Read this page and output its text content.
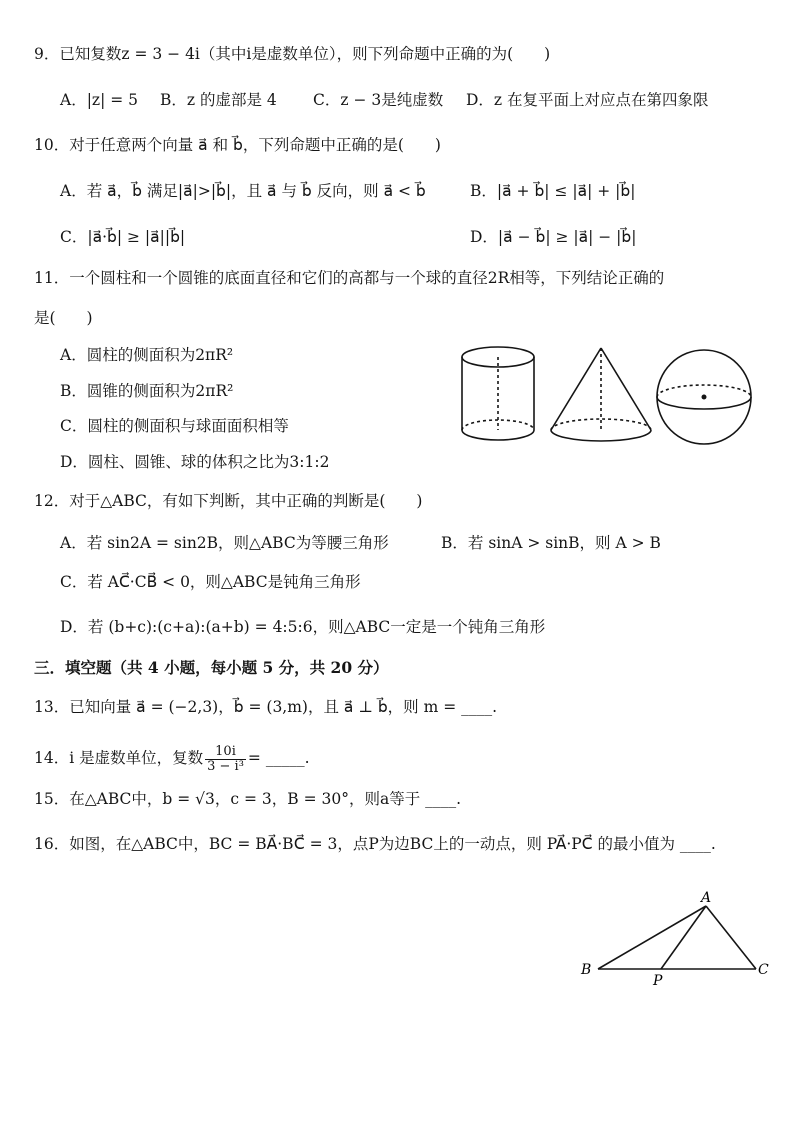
9．已知复数z = 3 − 4i（其中i是虚数单位），则下列命题中正确的为(　　)
A．|z| = 5 B．z 的虚部是 4 C．z − 3是纯虚数 D．z 在复平面上对应点在第四象限
10．对于任意两个向量 a⃗ 和 b⃗，下列命题中正确的是(　　)
A．若 a⃗，b⃗ 满足|a⃗|>|b⃗|，且 a⃗ 与 b⃗ 反向，则 a⃗ < b⃗	B．|a⃗ + b⃗| ≤ |a⃗| + |b⃗|
C．|a⃗·b⃗| ≥ |a⃗||b⃗|	D．|a⃗ − b⃗| ≥ |a⃗| − |b⃗|
11．一个圆柱和一个圆锥的底面直径和它们的高都与一个球的直径2R相等，下列结论正确的
是(　　)
A．圆柱的侧面积为2πR²
B．圆锥的侧面积为2πR²
C．圆柱的侧面积与球面面积相等
D．圆柱、圆锥、球的体积之比为3:1:2
12．对于△ABC，有如下判断，其中正确的判断是(　　)
A．若 sin2A = sin2B，则△ABC为等腰三角形	B．若 sinA > sinB，则 A > B
C．若 AC⃗·CB⃗ < 0，则△ABC是钝角三角形
D．若 (b+c):(c+a):(a+b) = 4:5:6，则△ABC一定是一个钝角三角形
三．填空题（共 4 小题，每小题 5 分，共 20 分）
13．已知向量 a⃗ = (−2,3)，b⃗ = (3,m)，且 a⃗ ⊥ b⃗，则 m = ____.
14．i 是虚数单位，复数 $\frac{10i}{\text{3 − i³}}$ = _____.
15．在△ABC中，b = √3，c = 3，B = 30°，则a等于 ____.
16．如图，在△ABC中，BC = BA⃗·BC⃗ = 3，点P为边BC上的一动点，则 PA⃗·PC⃗ 的最小值为 ____.
A
B	C
P
